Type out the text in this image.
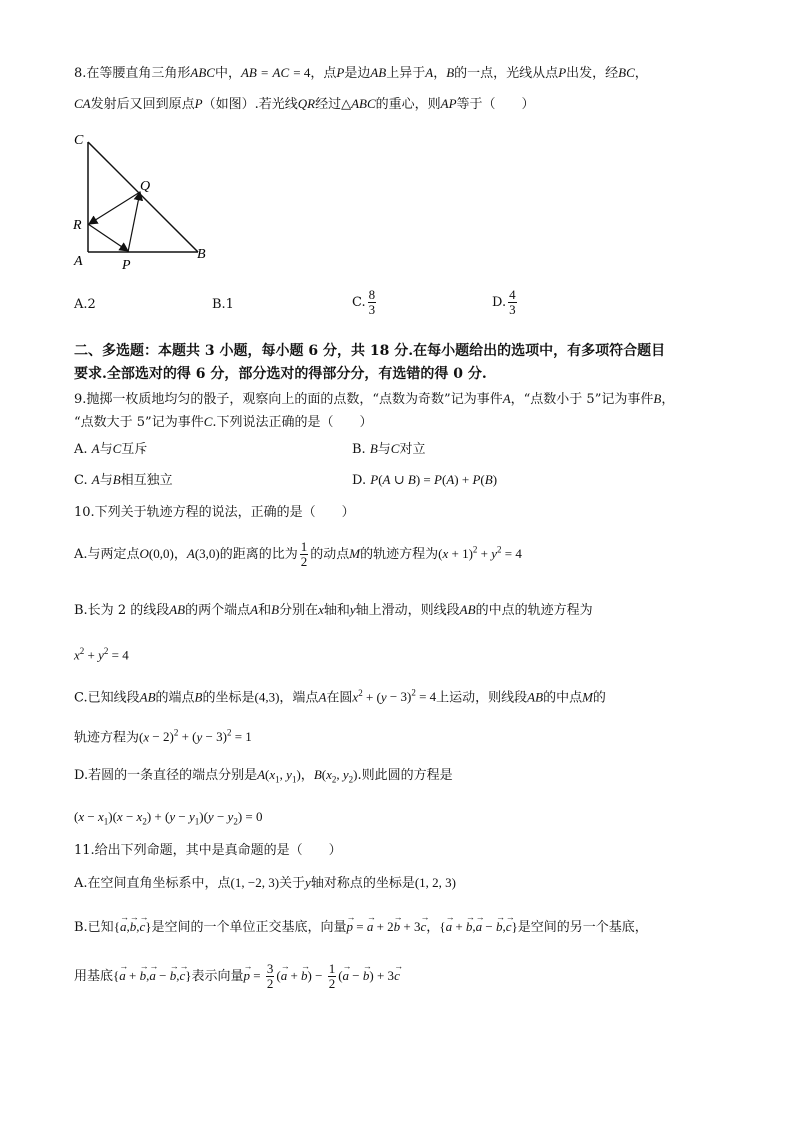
8.在等腰直角三角形ABC中，AB = AC = 4，点P是边AB上异于A，B的一点，光线从点P出发，经BC，
CA发射后又回到原点P（如图）.若光线QR经过△ABC的重心，则AP等于（　　）
C
Q
R
A	P
B
A.2	B.1	C. $\frac{8}{3}$	D. $\frac{4}{3}$
二、多选题：本题共 3 小题，每小题 6 分，共 18 分.在每小题给出的选项中，有多项符合题目
要求.全部选对的得 6 分，部分选对的得部分分，有选错的得 0 分.
9.抛掷一枚质地均匀的骰子，观察向上的面的点数，“点数为奇数”记为事件A，“点数小于 5”记为事件B，
“点数大于 5”记为事件C.下列说法正确的是（　　）
A. A与C互斥	B. B与C对立
C. A与B相互独立	D. P(A ∪ B) = P(A) + P(B)
10.下列关于轨迹方程的说法，正确的是（　　）
A.与两定点O(0,0)，A(3,0)的距离的比为 $\frac{1}{2}$ 的动点M的轨迹方程为$(x + 1)^2 + y^2 = 4$
B.长为 2 的线段AB的两个端点A和B分别在x轴和y轴上滑动，则线段AB的中点的轨迹方程为
$x^2 + y^2 = 4$
C.已知线段AB的端点B的坐标是(4,3)，端点A在圆$x^2 + (y - 3)^2 = 4$上运动，则线段AB的中点M的
轨迹方程为$(x - 2)^2 + (y - 3)^2 = 1$
D.若圆的一条直径的端点分别是$A(x_1$, $y_1$)，$B(x_2$, $y_2$).则此圆的方程是
$(x - x_1)(x - x_2) + (y - y_1)(y - y_2) = 0$
11.给出下列命题，其中是真命题的是（　　）
A.在空间直角坐标系中，点(1, −2, 3)关于y轴对称点的坐标是(1, 2, 3)
B.已知{→ a,→ b,→ c}是空间的一个单位正交基底，向量→ p = → a + 2→ b + 3→ c，{→ a + → b,→ a − → b,→ c}是空间的另一个基底，
用基底{→ a + → b,→ a − → b,→ c}表示向量→ $p = \frac{3}{2}$ (→ a + → $b) - \frac{1}{2}$ (→ a − → b) + 3→ c
